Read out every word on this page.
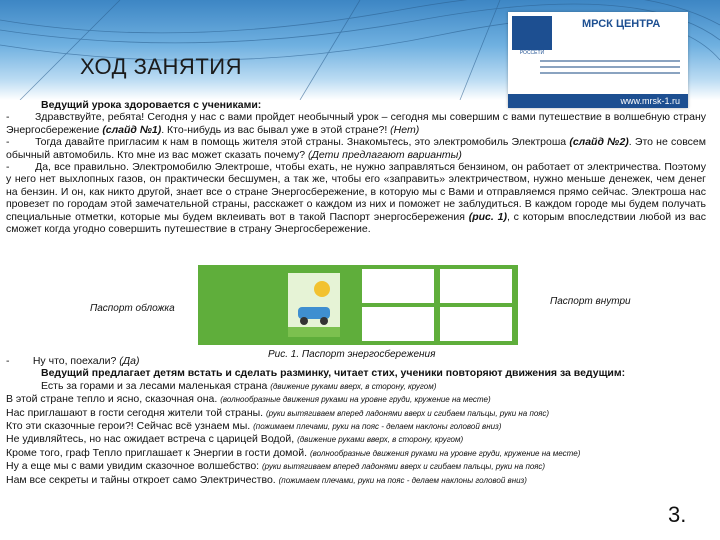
ХОД ЗАНЯТИЯ
РОССЕТИ
МРСК ЦЕНТРА
www.mrsk-1.ru

Ведущий урока здоровается с учениками:

-        Здравствуйте, ребята! Сегодня у нас с вами пройдет необычный урок – сегодня мы совершим с вами путешествие в волшебную страну Энергосбережение (слайд №1). Кто-нибудь из вас бывал уже в этой стране?! (Нет)

-        Тогда давайте пригласим к нам в помощь жителя этой страны. Знакомьтесь, это электромобиль Электроша (слайд №2). Это не совсем обычный автомобиль. Кто мне из вас может сказать почему? (Дети предлагают варианты)

-        Да, все правильно. Электромобилю Электроше, чтобы ехать, не нужно заправляться бензином, он работает от электричества. Поэтому у него нет выхлопных газов, он практически бесшумен, а так же, чтобы его «заправить» электричеством, нужно меньше денежек, чем денег на бензин. И он, как никто другой, знает все о стране Энергосбережение, в которую мы с Вами и отправляемся прямо сейчас. Электроша нас провезет по городам этой замечательной страны, расскажет о каждом из них и поможет не заблудиться. В каждом городе мы будем получать специальные отметки, которые мы будем вклеивать вот в такой Паспорт энергосбережения (рис. 1), с которым впоследствии любой из вас сможет когда угодно совершить путешествие в страну Энергосбережение.

Паспорт обложка
Паспорт внутри
Рис. 1. Паспорт энергосбережения

-        Ну что, поехали? (Да)

Ведущий предлагает детям встать и сделать разминку, читает стих, ученики повторяют движения за ведущим:

Есть за горами и за лесами маленькая страна (движение руками вверх, в сторону, кругом)

В этой стране тепло и ясно, сказочная она. (волнообразные движения руками на уровне груди, кружение на месте)

Нас приглашают в гости сегодня жители той страны. (руки вытягиваем вперед ладонями вверх и сгибаем пальцы, руки на пояс)

Кто эти сказочные герои?! Сейчас всё узнаем мы. (пожимаем плечами, руки на пояс - делаем наклоны головой вниз)

Не удивляйтесь, но нас ожидает встреча с царицей Водой, (движение руками вверх, в сторону, кругом)

Кроме того, граф Тепло приглашает к Энергии в гости домой. (волнообразные движения руками на уровне груди, кружение на месте)

Ну а еще мы с вами увидим сказочное волшебство: (руки вытягиваем вперед ладонями вверх и сгибаем пальцы, руки на пояс)

Нам все секреты и тайны откроет само Электричество. (пожимаем плечами, руки на пояс - делаем наклоны головой вниз)

3.
